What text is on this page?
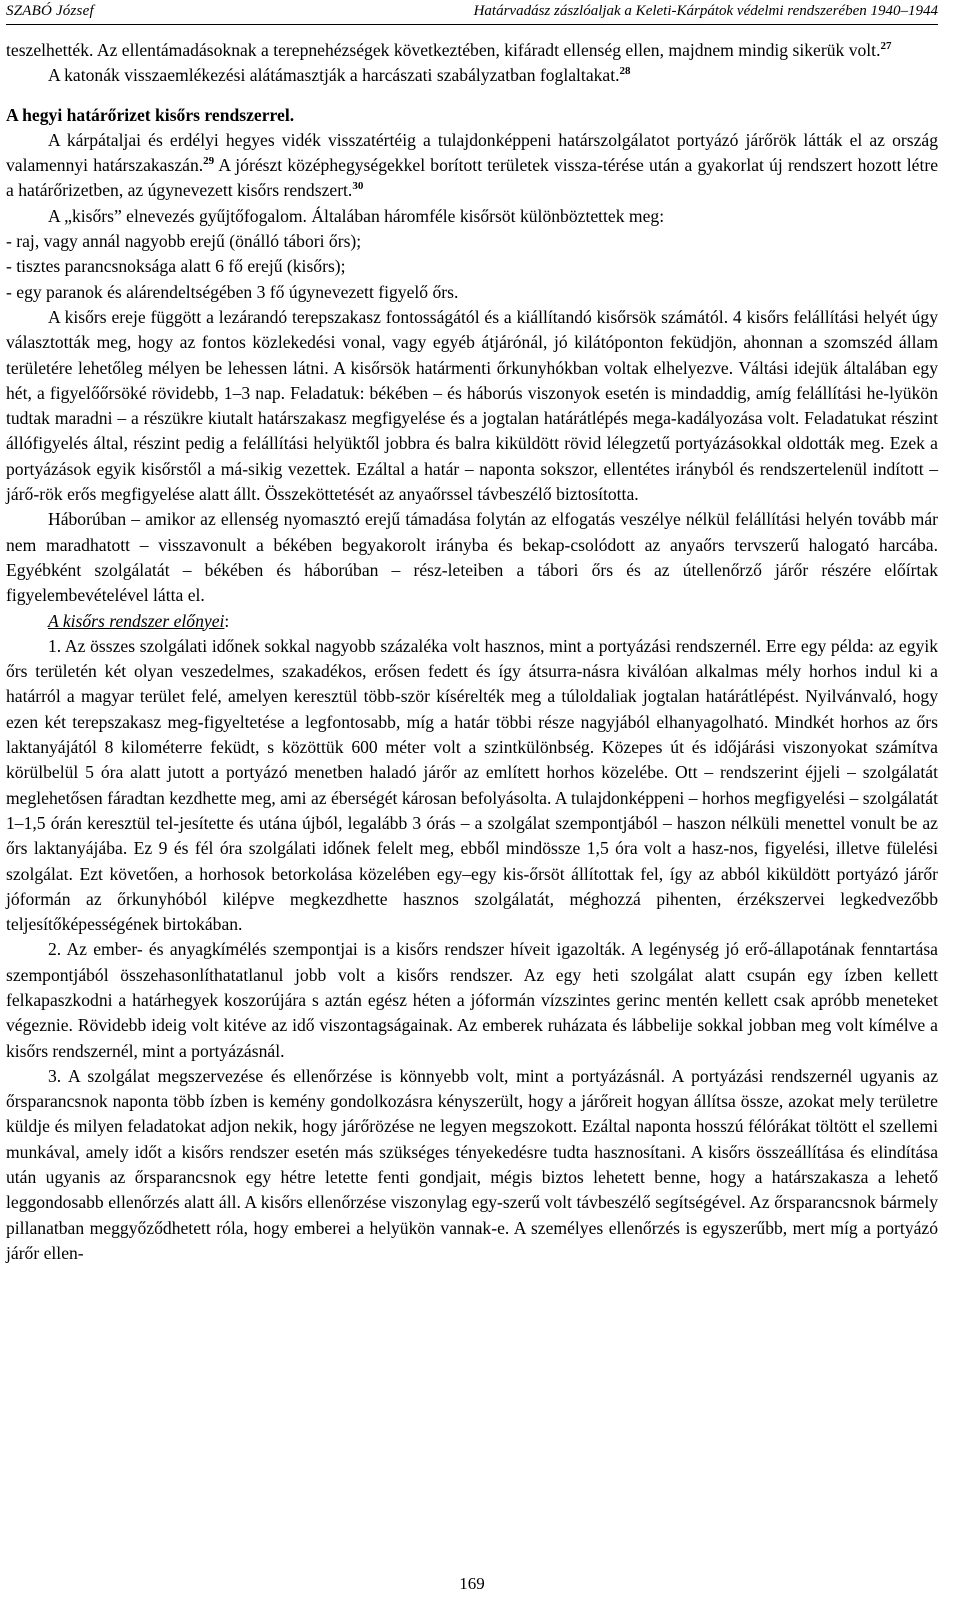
SZABÓ József	Határvadász zászlóaljak a Keleti-Kárpátok védelmi rendszerében 1940–1944

teszelhették. Az ellentámadásoknak a terepnehézségek következtében, kifáradt ellenség ellen, majdnem mindig sikerük volt.$^{27}$

A katonák visszaemlékezési alátámasztják a harcászati szabályzatban foglaltakat.$^{28}$

A hegyi határőrizet kisőrs rendszerrel.

A kárpátaljai és erdélyi hegyes vidék visszatértéig a tulajdonképpeni határszolgálatot portyázó járőrök látták el az ország valamennyi határszakaszán.$^{29}$ A jórészt középhegységekkel borított területek vissza-térése után a gyakorlat új rendszert hozott létre a határőrizetben, az úgynevezett kisőrs rendszert.$^{30}$

A „kisőrs” elnevezés gyűjtőfogalom. Általában háromféle kisőrsöt különböztettek meg:

- raj, vagy annál nagyobb erejű (önálló tábori őrs);

- tisztes parancsnoksága alatt 6 fő erejű (kisőrs);

- egy paranok és alárendeltségében 3 fő úgynevezett figyelő őrs.

A kisőrs ereje függött a lezárandó terepszakasz fontosságától és a kiállítandó kisőrsök számától. 4 kisőrs felállítási helyét úgy választották meg, hogy az fontos közlekedési vonal, vagy egyéb átjárónál, jó kilátóponton feküdjön, ahonnan a szomszéd állam területére lehetőleg mélyen be lehessen látni. A kisőrsök határmenti őrkunyhókban voltak elhelyezve. Váltási idejük általában egy hét, a figyelőőrsöké rövidebb, 1–3 nap. Feladatuk: békében – és háborús viszonyok esetén is mindaddig, amíg felállítási he-lyükön tudtak maradni – a részükre kiutalt határszakasz megfigyelése és a jogtalan határátlépés mega-kadályozása volt. Feladatukat részint állófigyelés által, részint pedig a felállítási helyüktől jobbra és balra kiküldött rövid lélegzetű portyázásokkal oldották meg. Ezek a portyázások egyik kisőrstől a má-sikig vezettek. Ezáltal a határ – naponta sokszor, ellentétes irányból és rendszertelenül indított – járő-rök erős megfigyelése alatt állt. Összeköttetését az anyaőrssel távbeszélő biztosította.

Háborúban – amikor az ellenség nyomasztó erejű támadása folytán az elfogatás veszélye nélkül felállítási helyén tovább már nem maradhatott – visszavonult a békében begyakorolt irányba és bekap-csolódott az anyaőrs tervszerű halogató harcába. Egyébként szolgálatát – békében és háborúban – rész-leteiben a tábori őrs és az útellenőrző járőr részére előírtak figyelembevételével látta el.

A kisőrs rendszer előnyei:

1. Az összes szolgálati időnek sokkal nagyobb százaléka volt hasznos, mint a portyázási rendszernél. Erre egy példa: az egyik őrs területén két olyan veszedelmes, szakadékos, erősen fedett és így átsurra-násra kiválóan alkalmas mély horhos indul ki a határról a magyar terület felé, amelyen keresztül több-ször kísérelték meg a túloldaliak jogtalan határátlépést. Nyilvánvaló, hogy ezen két terepszakasz meg-figyeltetése a legfontosabb, míg a határ többi része nagyjából elhanyagolható. Mindkét horhos az őrs laktanyájától 8 kilométerre feküdt, s közöttük 600 méter volt a szintkülönbség. Közepes út és időjárási viszonyokat számítva körülbelül 5 óra alatt jutott a portyázó menetben haladó járőr az említett horhos közelébe. Ott – rendszerint éjjeli – szolgálatát meglehetősen fáradtan kezdhette meg, ami az éberségét károsan befolyásolta. A tulajdonképpeni – horhos megfigyelési – szolgálatát 1–1,5 órán keresztül tel-jesítette és utána újból, legalább 3 órás – a szolgálat szempontjából – haszon nélküli menettel vonult be az őrs laktanyájába. Ez 9 és fél óra szolgálati időnek felelt meg, ebből mindössze 1,5 óra volt a hasz-nos, figyelési, illetve fülelési szolgálat. Ezt követően, a horhosok betorkolása közelében egy–egy kis-őrsöt állítottak fel, így az abból kiküldött portyázó járőr jóformán az őrkunyhóból kilépve megkezdhette hasznos szolgálatát, méghozzá pihenten, érzékszervei legkedvezőbb teljesítőképességének birtokában.

2. Az ember- és anyagkímélés szempontjai is a kisőrs rendszer híveit igazolták. A legénység jó erő-állapotának fenntartása szempontjából összehasonlíthatatlanul jobb volt a kisőrs rendszer. Az egy heti szolgálat alatt csupán egy ízben kellett felkapaszkodni a határhegyek koszorújára s aztán egész héten a jóformán vízszintes gerinc mentén kellett csak apróbb meneteket végeznie. Rövidebb ideig volt kitéve az idő viszontagságainak. Az emberek ruházata és lábbelije sokkal jobban meg volt kímélve a kisőrs rendszernél, mint a portyázásnál.

3. A szolgálat megszervezése és ellenőrzése is könnyebb volt, mint a portyázásnál. A portyázási rendszernél ugyanis az őrsparancsnok naponta több ízben is kemény gondolkozásra kényszerült, hogy a járőreit hogyan állítsa össze, azokat mely területre küldje és milyen feladatokat adjon nekik, hogy járőrözése ne legyen megszokott. Ezáltal naponta hosszú félórákat töltött el szellemi munkával, amely időt a kisőrs rendszer esetén más szükséges tényekedésre tudta hasznosítani. A kisőrs összeállítása és elindítása után ugyanis az őrsparancsnok egy hétre letette fenti gondjait, mégis biztos lehetett benne, hogy a határszakasza a lehető leggondosabb ellenőrzés alatt áll. A kisőrs ellenőrzése viszonylag egy-szerű volt távbeszélő segítségével. Az őrsparancsnok bármely pillanatban meggyőződhetett róla, hogy emberei a helyükön vannak-e. A személyes ellenőrzés is egyszerűbb, mert míg a portyázó járőr ellen-

169
